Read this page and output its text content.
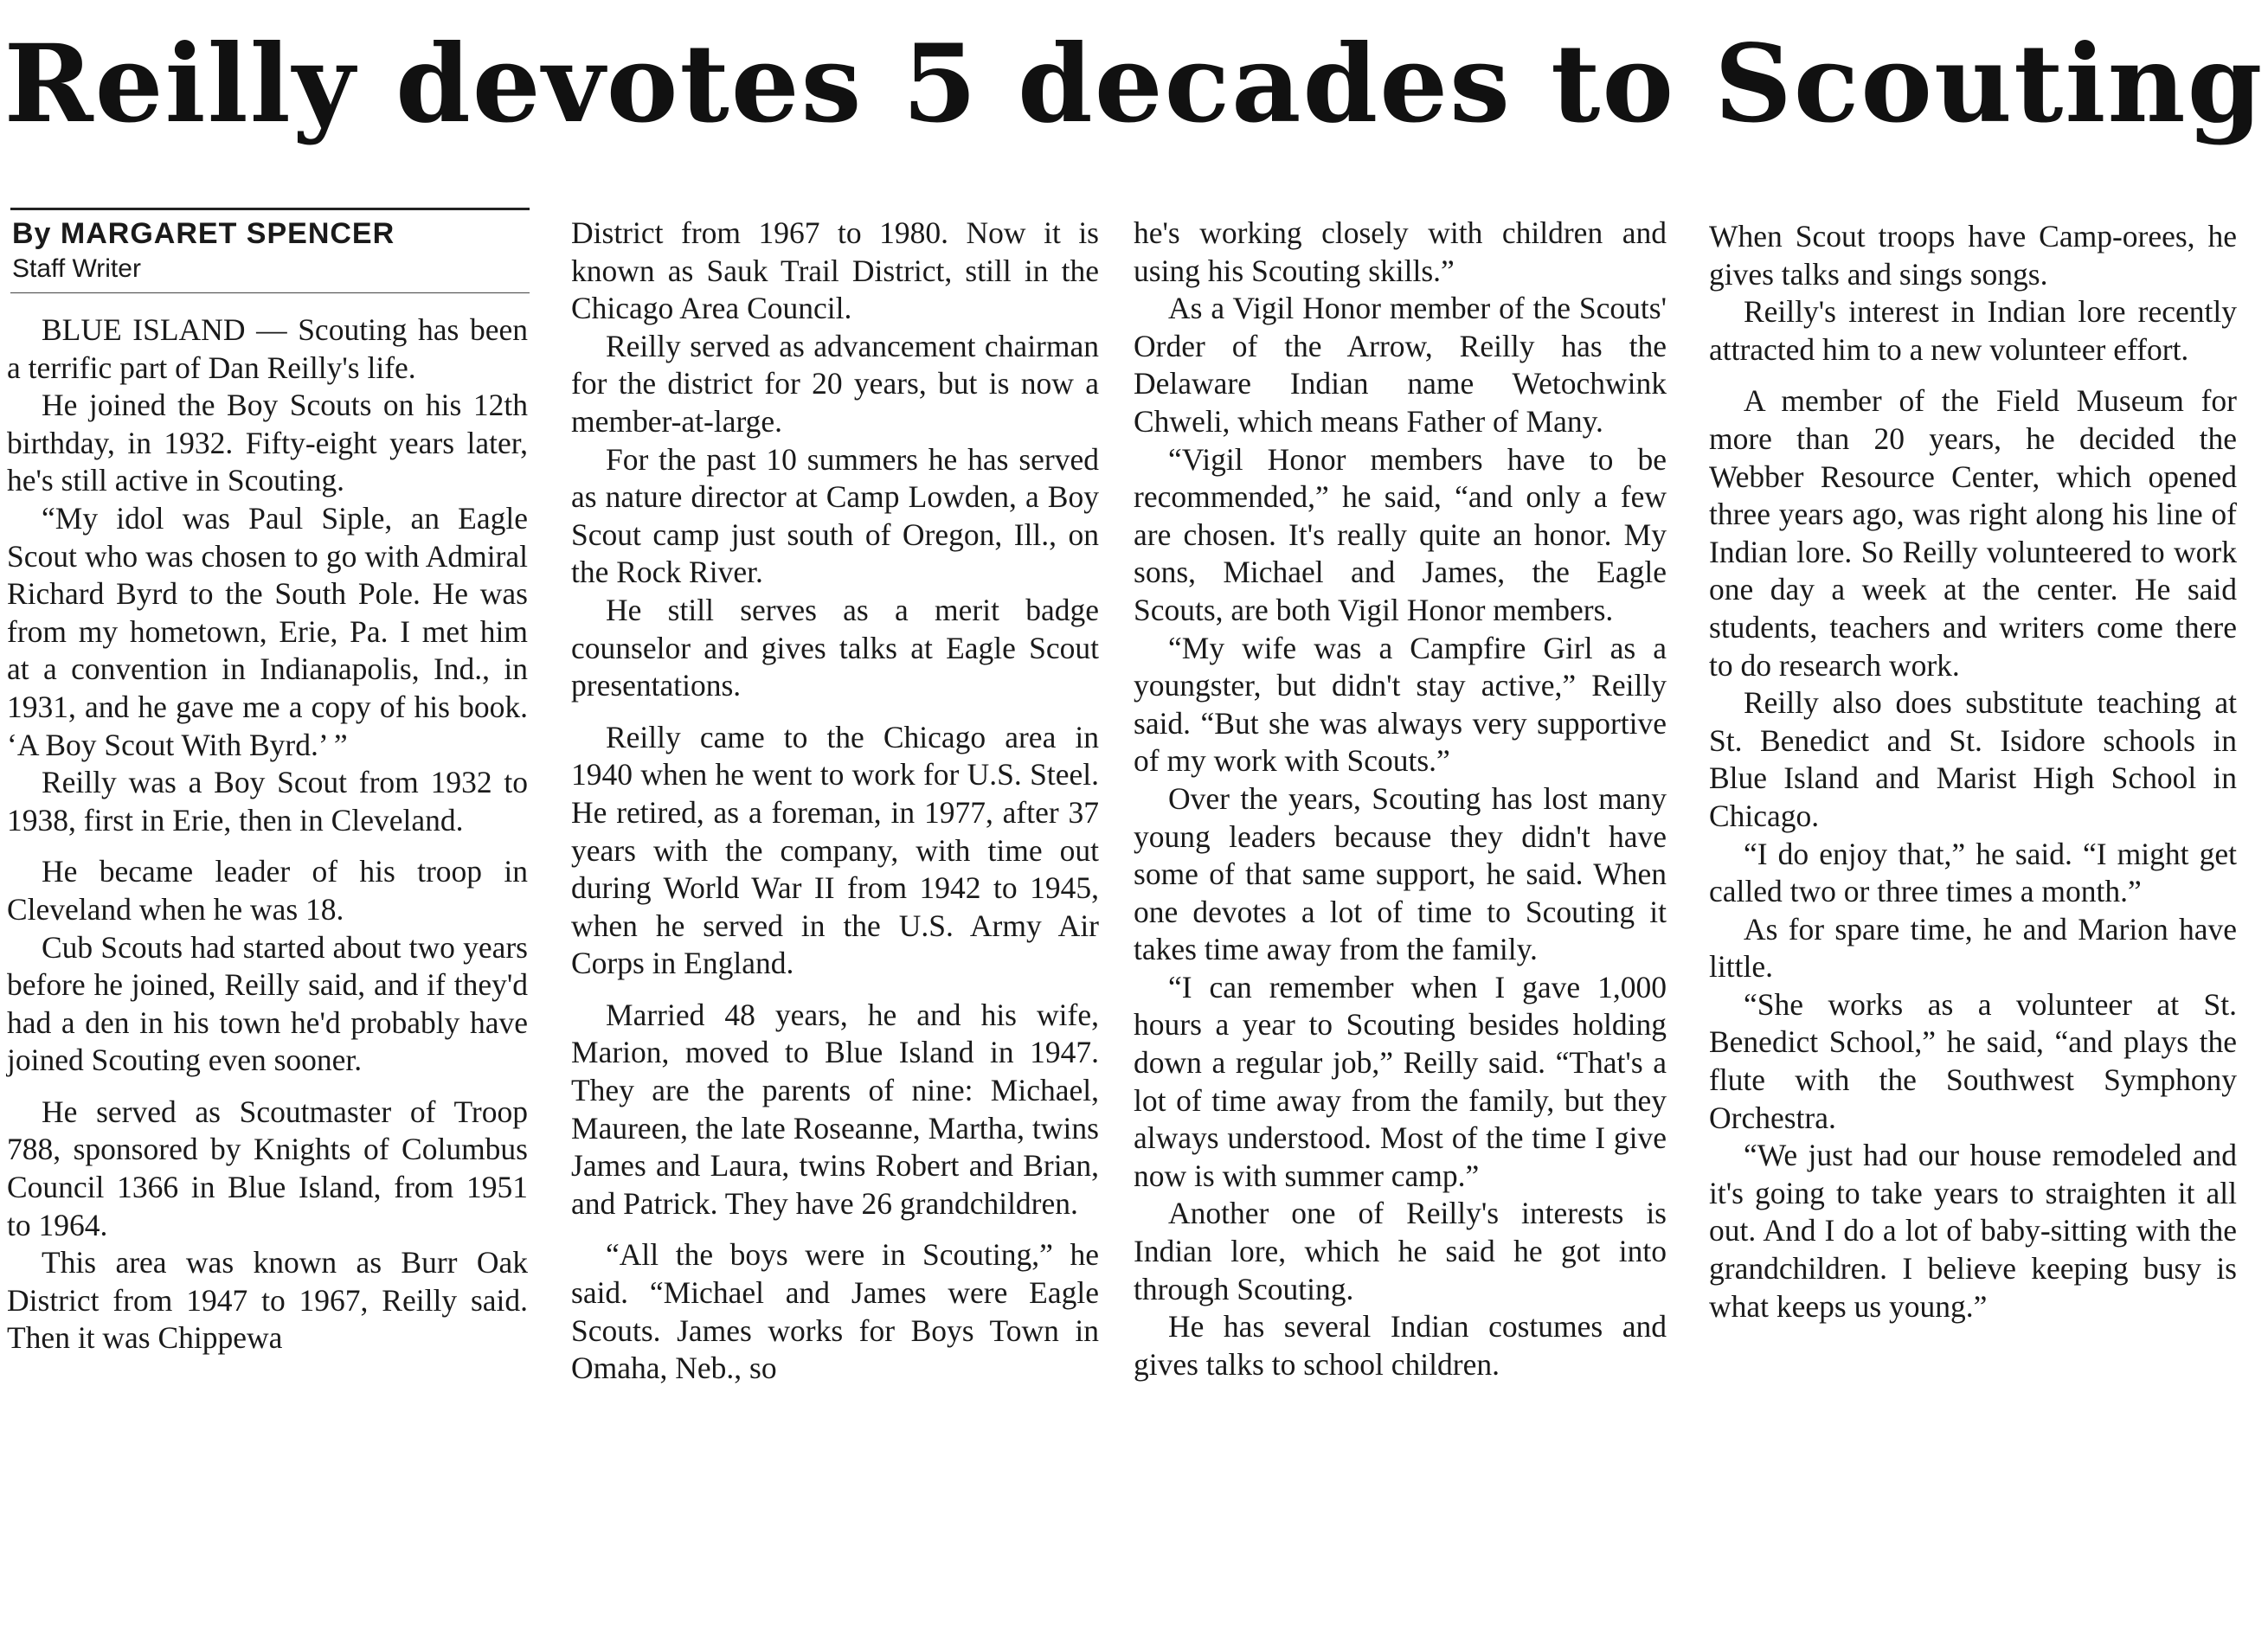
Reilly devotes 5 decades to Scouting
By MARGARET SPENCER
Staff Writer

BLUE ISLAND — Scouting has been a terrific part of Dan Reilly's life.

He joined the Boy Scouts on his 12th birthday, in 1932. Fifty-eight years later, he's still active in Scouting.

“My idol was Paul Siple, an Eagle Scout who was chosen to go with Admiral Richard Byrd to the South Pole. He was from my hometown, Erie, Pa. I met him at a convention in Indianapolis, Ind., in 1931, and he gave me a copy of his book. ‘A Boy Scout With Byrd.’ ”

Reilly was a Boy Scout from 1932 to 1938, first in Erie, then in Cleveland.

He became leader of his troop in Cleveland when he was 18.

Cub Scouts had started about two years before he joined, Reilly said, and if they'd had a den in his town he'd probably have joined Scouting even sooner.

He served as Scoutmaster of Troop 788, sponsored by Knights of Columbus Council 1366 in Blue Island, from 1951 to 1964.

This area was known as Burr Oak District from 1947 to 1967, Reilly said. Then it was Chippewa

District from 1967 to 1980. Now it is known as Sauk Trail District, still in the Chicago Area Council.

Reilly served as advancement chairman for the district for 20 years, but is now a member-at-large.

For the past 10 summers he has served as nature director at Camp Lowden, a Boy Scout camp just south of Oregon, Ill., on the Rock River.

He still serves as a merit badge counselor and gives talks at Eagle Scout presentations.

Reilly came to the Chicago area in 1940 when he went to work for U.S. Steel. He retired, as a foreman, in 1977, after 37 years with the company, with time out during World War II from 1942 to 1945, when he served in the U.S. Army Air Corps in England.

Married 48 years, he and his wife, Marion, moved to Blue Island in 1947. They are the parents of nine: Michael, Maureen, the late Roseanne, Martha, twins James and Laura, twins Robert and Brian, and Patrick. They have 26 grandchildren.

“All the boys were in Scouting,” he said. “Michael and James were Eagle Scouts. James works for Boys Town in Omaha, Neb., so

he's working closely with children and using his Scouting skills.”

As a Vigil Honor member of the Scouts' Order of the Arrow, Reilly has the Delaware Indian name Wetochwink Chweli, which means Father of Many.

“Vigil Honor members have to be recommended,” he said, “and only a few are chosen. It's really quite an honor. My sons, Michael and James, the Eagle Scouts, are both Vigil Honor members.

“My wife was a Campfire Girl as a youngster, but didn't stay active,” Reilly said. “But she was always very supportive of my work with Scouts.”

Over the years, Scouting has lost many young leaders because they didn't have some of that same support, he said. When one devotes a lot of time to Scouting it takes time away from the family.

“I can remember when I gave 1,000 hours a year to Scouting besides holding down a regular job,” Reilly said. “That's a lot of time away from the family, but they always understood. Most of the time I give now is with summer camp.”

Another one of Reilly's interests is Indian lore, which he said he got into through Scouting.

He has several Indian costumes and gives talks to school children.

When Scout troops have Camp-orees, he gives talks and sings songs.

Reilly's interest in Indian lore recently attracted him to a new volunteer effort.

A member of the Field Museum for more than 20 years, he decided the Webber Resource Center, which opened three years ago, was right along his line of Indian lore. So Reilly volunteered to work one day a week at the center. He said students, teachers and writers come there to do research work.

Reilly also does substitute teaching at St. Benedict and St. Isidore schools in Blue Island and Marist High School in Chicago.

“I do enjoy that,” he said. “I might get called two or three times a month.”

As for spare time, he and Marion have little.

“She works as a volunteer at St. Benedict School,” he said, “and plays the flute with the Southwest Symphony Orchestra.

“We just had our house remodeled and it's going to take years to straighten it all out. And I do a lot of baby-sitting with the grandchildren. I believe keeping busy is what keeps us young.”
